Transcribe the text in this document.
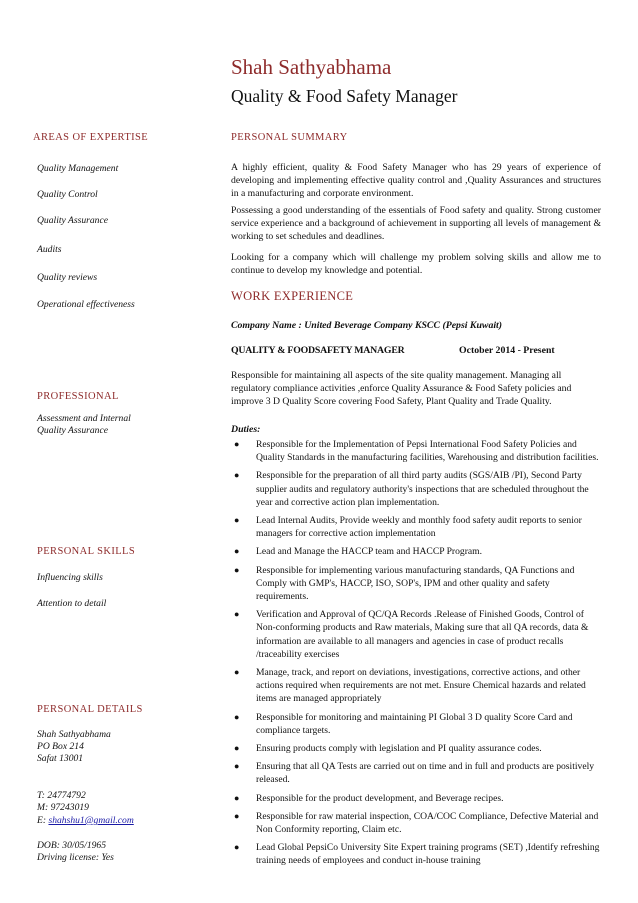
Shah Sathyabhama
Quality & Food Safety Manager
AREAS OF EXPERTISE
Quality Management
Quality Control
Quality Assurance
Audits
Quality reviews
Operational effectiveness
PROFESSIONAL
Assessment and Internal
Quality Assurance
PERSONAL SKILLS
Influencing skills
Attention to detail
PERSONAL DETAILS
Shah Sathyabhama
PO Box 214
Safat 13001
T: 24774792
M: 97243019
E: shahshu1@gmail.com
DOB: 30/05/1965
Driving license: Yes
PERSONAL SUMMARY
A highly efficient, quality & Food Safety Manager who has 29 years of experience of developing and implementing effective quality control and ,Quality Assurances and structures in a manufacturing and corporate environment.
Possessing a good understanding of the essentials of Food safety and quality. Strong customer service experience and a background of achievement in supporting all levels of management & working to set schedules and deadlines.
Looking for a company which will challenge my problem solving skills and allow me to continue to develop my knowledge and potential.
WORK EXPERIENCE
Company Name : United Beverage Company KSCC (Pepsi Kuwait)
QUALITY & FOODSAFETY MANAGER	October 2014 - Present
Responsible for maintaining all aspects of the site quality management. Managing all regulatory compliance activities ,enforce Quality Assurance & Food Safety policies and improve 3 D Quality Score covering Food Safety, Plant Quality and Trade Quality.
Duties:
● Responsible for the Implementation of Pepsi International Food Safety Policies and Quality Standards in the manufacturing facilities, Warehousing and distribution facilities.
● Responsible for the preparation of all third party audits (SGS/AIB /PI), Second Party supplier audits and regulatory authority's inspections that are scheduled throughout the year and corrective action plan implementation.
● Lead Internal Audits, Provide weekly and monthly food safety audit reports to senior managers for corrective action implementation
● Lead and Manage the HACCP team and HACCP Program.
● Responsible for implementing various manufacturing standards, QA Functions and Comply with GMP's, HACCP, ISO, SOP's, IPM and other quality and safety requirements.
● Verification and Approval of QC/QA Records .Release of Finished Goods, Control of Non-conforming products and Raw materials, Making sure that all QA records, data & information are available to all managers and agencies in case of product recalls /traceability exercises
● Manage, track, and report on deviations, investigations, corrective actions, and other actions required when requirements are not met. Ensure Chemical hazards and related items are managed appropriately
● Responsible for monitoring and maintaining PI Global 3 D quality Score Card and compliance targets.
● Ensuring products comply with legislation and PI quality assurance codes.
● Ensuring that all QA Tests are carried out on time and in full and products are positively released.
● Responsible for the product development, and Beverage recipes.
● Responsible for raw material inspection, COA/COC Compliance, Defective Material and Non Conformity reporting, Claim etc.
● Lead Global PepsiCo University Site Expert training programs (SET) ,Identify refreshing training needs of employees and conduct in-house training
